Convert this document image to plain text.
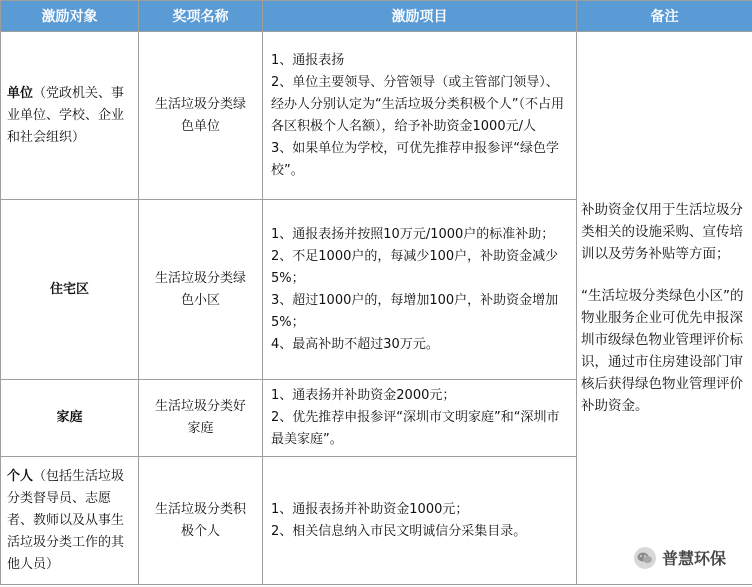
激励对象	奖项名称	激励项目	备注
单位（党政机关、事业单位、学校、企业和社会组织）	生活垃圾分类绿色单位	1、通报表扬
2、单位主要领导、分管领导（或主管部门领导）、经办人分别认定为“生活垃圾分类积极个人”（不占用各区积极个人名额），给予补助资金1000元/人
3、如果单位为学校，可优先推荐申报参评“绿色学校”。	补助资金仅用于生活垃圾分类相关的设施采购、宣传培训以及劳务补贴等方面；
“生活垃圾分类绿色小区”的物业服务企业可优先申报深圳市级绿色物业管理评价标识，通过市住房建设部门审核后获得绿色物业管理评价补助资金。

住宅区	生活垃圾分类绿色小区	1、通报表扬并按照10万元/1000户的标准补助；
2、不足1000户的，每减少100户，补助资金减少5%；
3、超过1000户的，每增加100户，补助资金增加5%；
4、最高补助不超过30万元。	

家庭	生活垃圾分类好家庭	1、通表扬并补助资金2000元；
2、优先推荐申报参评“深圳市文明家庭”和“深圳市最美家庭”。	

个人（包括生活垃圾分类督导员、志愿者、教师以及从事生活垃圾分类工作的其他人员）	生活垃圾分类积极个人	1、通报表扬并补助资金1000元；
2、相关信息纳入市民文明诚信分采集目录。	
普慧环保
